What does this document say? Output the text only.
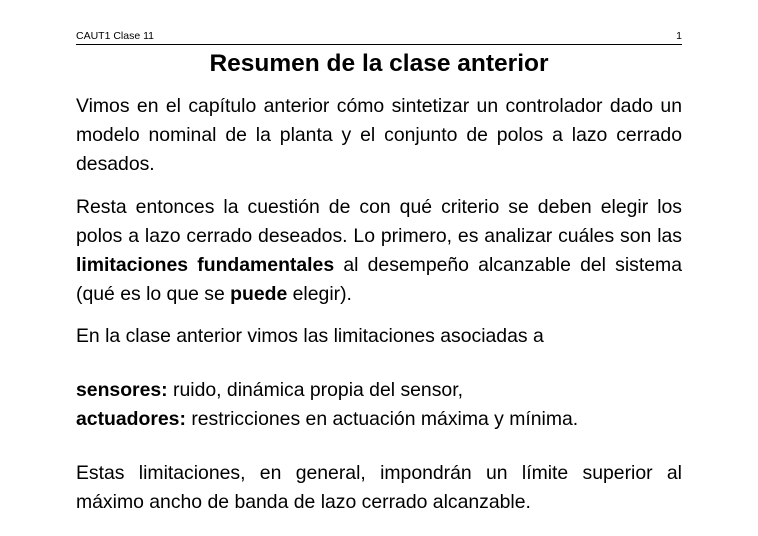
CAUT1 Clase 11	1
Resumen de la clase anterior

Vimos en el capítulo anterior cómo sintetizar un controlador dado un modelo nominal de la planta y el conjunto de polos a lazo cerrado desados.

Resta entonces la cuestión de con qué criterio se deben elegir los polos a lazo cerrado deseados. Lo primero, es analizar cuáles son las limitaciones fundamentales al desempeño alcanzable del sistema (qué es lo que se puede elegir).

En la clase anterior vimos las limitaciones asociadas a

sensores: ruido, dinámica propia del sensor,
actuadores: restricciones en actuación máxima y mínima.

Estas limitaciones, en general, impondrán un límite superior al máximo ancho de banda de lazo cerrado alcanzable.
